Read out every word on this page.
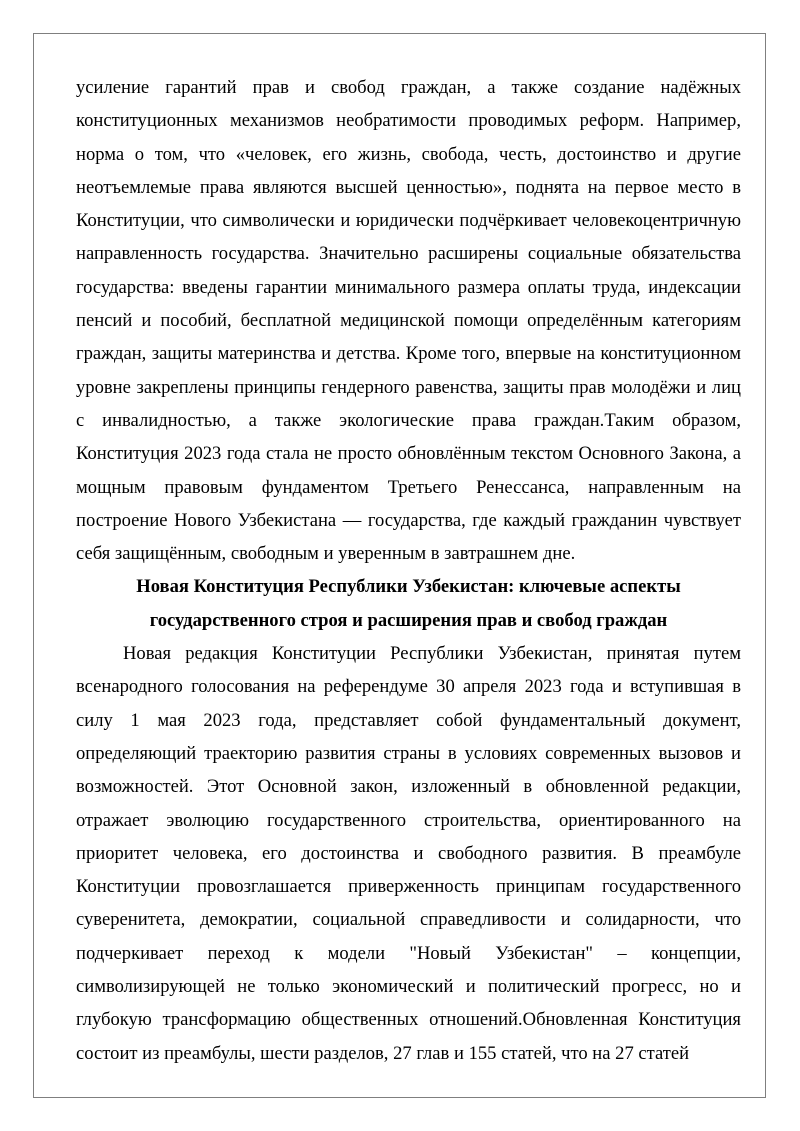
усиление гарантий прав и свобод граждан, а также создание надёжных конституционных механизмов необратимости проводимых реформ. Например, норма о том, что «человек, его жизнь, свобода, честь, достоинство и другие неотъемлемые права являются высшей ценностью», поднята на первое место в Конституции, что символически и юридически подчёркивает человекоцентричную направленность государства. Значительно расширены социальные обязательства государства: введены гарантии минимального размера оплаты труда, индексации пенсий и пособий, бесплатной медицинской помощи определённым категориям граждан, защиты материнства и детства. Кроме того, впервые на конституционном уровне закреплены принципы гендерного равенства, защиты прав молодёжи и лиц с инвалидностью, а также экологические права граждан.Таким образом, Конституция 2023 года стала не просто обновлённым текстом Основного Закона, а мощным правовым фундаментом Третьего Ренессанса, направленным на построение Нового Узбекистана — государства, где каждый гражданин чувствует себя защищённым, свободным и уверенным в завтрашнем дне.

Новая Конституция Республики Узбекистан: ключевые аспекты государственного строя и расширения прав и свобод граждан

Новая редакция Конституции Республики Узбекистан, принятая путем всенародного голосования на референдуме 30 апреля 2023 года и вступившая в силу 1 мая 2023 года, представляет собой фундаментальный документ, определяющий траекторию развития страны в условиях современных вызовов и возможностей. Этот Основной закон, изложенный в обновленной редакции, отражает эволюцию государственного строительства, ориентированного на приоритет человека, его достоинства и свободного развития. В преамбуле Конституции провозглашается приверженность принципам государственного суверенитета, демократии, социальной справедливости и солидарности, что подчеркивает переход к модели "Новый Узбекистан" – концепции, символизирующей не только экономический и политический прогресс, но и глубокую трансформацию общественных отношений.Обновленная Конституция состоит из преамбулы, шести разделов, 27 глав и 155 статей, что на 27 статей
